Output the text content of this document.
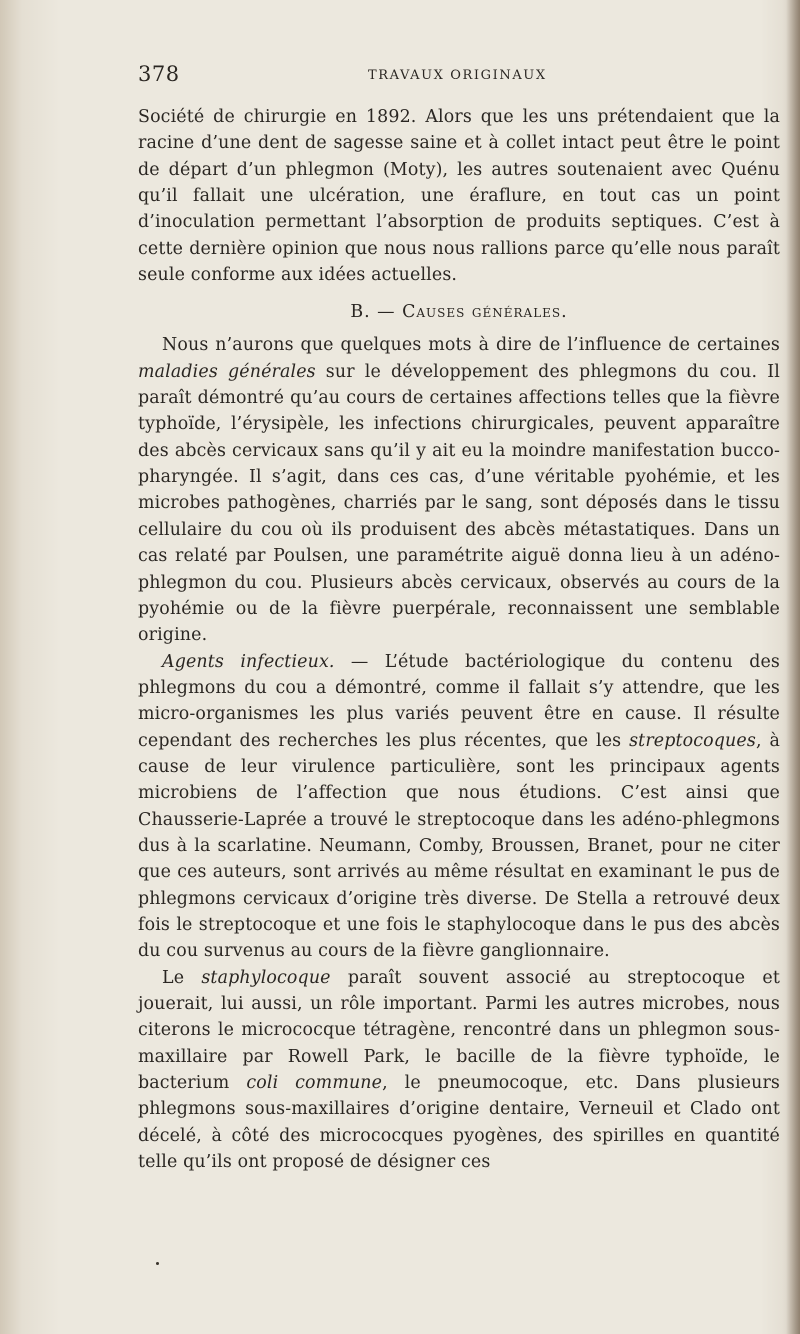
378	TRAVAUX ORIGINAUX

Société de chirurgie en 1892. Alors que les uns prétendaient que la racine d’une dent de sagesse saine et à collet intact peut être le point de départ d’un phlegmon (Moty), les autres soutenaient avec Quénu qu’il fallait une ulcération, une éraflure, en tout cas un point d’inoculation permettant l’absorption de produits septiques. C’est à cette dernière opinion que nous nous rallions parce qu’elle nous paraît seule conforme aux idées actuelles.

B. — Causes générales.

Nous n’aurons que quelques mots à dire de l’influence de certaines maladies générales sur le développement des phlegmons du cou. Il paraît démontré qu’au cours de certaines affections telles que la fièvre typhoïde, l’érysipèle, les infections chirurgicales, peuvent apparaître des abcès cervicaux sans qu’il y ait eu la moindre manifestation bucco-pharyngée. Il s’agit, dans ces cas, d’une véritable pyohémie, et les microbes pathogènes, charriés par le sang, sont déposés dans le tissu cellulaire du cou où ils produisent des abcès métastatiques. Dans un cas relaté par Poulsen, une paramétrite aiguë donna lieu à un adéno-phlegmon du cou. Plusieurs abcès cervicaux, observés au cours de la pyohémie ou de la fièvre puerpérale, reconnaissent une semblable origine.

Agents infectieux. — L’étude bactériologique du contenu des phlegmons du cou a démontré, comme il fallait s’y attendre, que les micro-organismes les plus variés peuvent être en cause. Il résulte cependant des recherches les plus récentes, que les streptocoques, à cause de leur virulence particulière, sont les principaux agents microbiens de l’affection que nous étudions. C’est ainsi que Chausserie-Laprée a trouvé le streptocoque dans les adéno-phlegmons dus à la scarlatine. Neumann, Comby, Broussen, Branet, pour ne citer que ces auteurs, sont arrivés au même résultat en examinant le pus de phlegmons cervicaux d’origine très diverse. De Stella a retrouvé deux fois le streptocoque et une fois le staphylocoque dans le pus des abcès du cou survenus au cours de la fièvre ganglionnaire.

Le staphylocoque paraît souvent associé au streptocoque et jouerait, lui aussi, un rôle important. Parmi les autres microbes, nous citerons le micrococque tétragène, rencontré dans un phlegmon sous-maxillaire par Rowell Park, le bacille de la fièvre typhoïde, le bacterium coli commune, le pneumocoque, etc. Dans plusieurs phlegmons sous-maxillaires d’origine dentaire, Verneuil et Clado ont décelé, à côté des micrococques pyogènes, des spirilles en quantité telle qu’ils ont proposé de désigner ces
